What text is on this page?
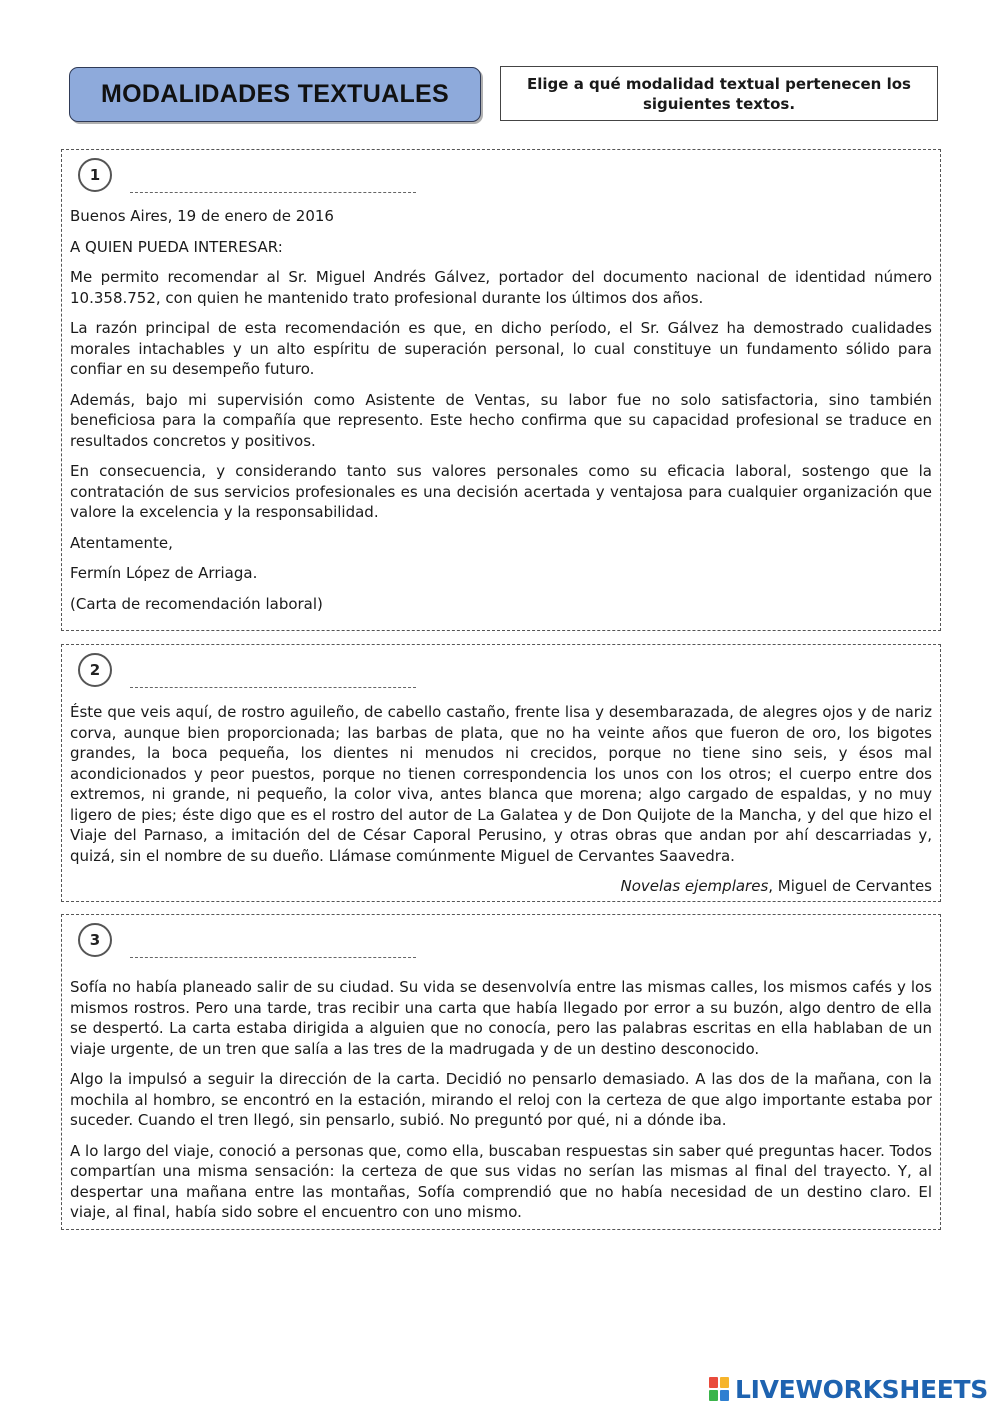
MODALIDADES TEXTUALES	Elige a qué modalidad textual pertenecen los siguientes textos.
1

Buenos Aires, 19 de enero de 2016

A QUIEN PUEDA INTERESAR:

Me permito recomendar al Sr. Miguel Andrés Gálvez, portador del documento nacional de identidad número 10.358.752, con quien he mantenido trato profesional durante los últimos dos años.

La razón principal de esta recomendación es que, en dicho período, el Sr. Gálvez ha demostrado cualidades morales intachables y un alto espíritu de superación personal, lo cual constituye un fundamento sólido para confiar en su desempeño futuro.

Además, bajo mi supervisión como Asistente de Ventas, su labor fue no solo satisfactoria, sino también beneficiosa para la compañía que represento. Este hecho confirma que su capacidad profesional se traduce en resultados concretos y positivos.

En consecuencia, y considerando tanto sus valores personales como su eficacia laboral, sostengo que la contratación de sus servicios profesionales es una decisión acertada y ventajosa para cualquier organización que valore la excelencia y la responsabilidad.

Atentamente,

Fermín López de Arriaga.

(Carta de recomendación laboral)

2

Éste que veis aquí, de rostro aguileño, de cabello castaño, frente lisa y desembarazada, de alegres ojos y de nariz corva, aunque bien proporcionada; las barbas de plata, que no ha veinte años que fueron de oro, los bigotes grandes, la boca pequeña, los dientes ni menudos ni crecidos, porque no tiene sino seis, y ésos mal acondicionados y peor puestos, porque no tienen correspondencia los unos con los otros; el cuerpo entre dos extremos, ni grande, ni pequeño, la color viva, antes blanca que morena; algo cargado de espaldas, y no muy ligero de pies; éste digo que es el rostro del autor de La Galatea y de Don Quijote de la Mancha, y del que hizo el Viaje del Parnaso, a imitación del de César Caporal Perusino, y otras obras que andan por ahí descarriadas y, quizá, sin el nombre de su dueño. Llámase comúnmente Miguel de Cervantes Saavedra.

Novelas ejemplares, Miguel de Cervantes

3

Sofía no había planeado salir de su ciudad. Su vida se desenvolvía entre las mismas calles, los mismos cafés y los mismos rostros. Pero una tarde, tras recibir una carta que había llegado por error a su buzón, algo dentro de ella se despertó. La carta estaba dirigida a alguien que no conocía, pero las palabras escritas en ella hablaban de un viaje urgente, de un tren que salía a las tres de la madrugada y de un destino desconocido.

Algo la impulsó a seguir la dirección de la carta. Decidió no pensarlo demasiado. A las dos de la mañana, con la mochila al hombro, se encontró en la estación, mirando el reloj con la certeza de que algo importante estaba por suceder. Cuando el tren llegó, sin pensarlo, subió. No preguntó por qué, ni a dónde iba.

A lo largo del viaje, conoció a personas que, como ella, buscaban respuestas sin saber qué preguntas hacer. Todos compartían una misma sensación: la certeza de que sus vidas no serían las mismas al final del trayecto. Y, al despertar una mañana entre las montañas, Sofía comprendió que no había necesidad de un destino claro. El viaje, al final, había sido sobre el encuentro con uno mismo.

LIVEWORKSHEETS
